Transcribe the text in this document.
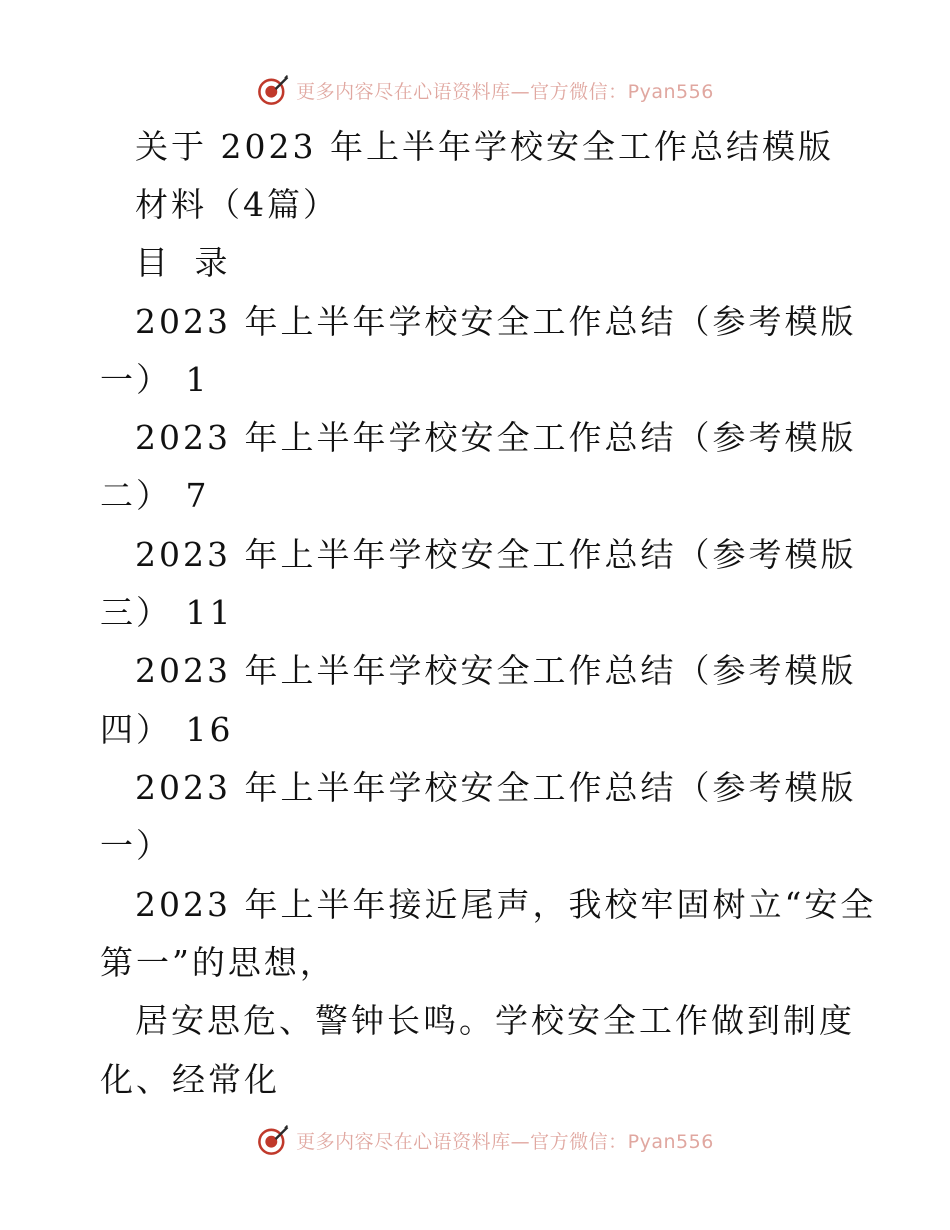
更多内容尽在心语资料库—官方微信：Pyan556
关于 2023 年上半年学校安全工作总结模版
材料（4篇）
目 录
2023 年上半年学校安全工作总结（参考模版
一） 1
2023 年上半年学校安全工作总结（参考模版
二） 7
2023 年上半年学校安全工作总结（参考模版
三） 11
2023 年上半年学校安全工作总结（参考模版
四） 16
2023 年上半年学校安全工作总结（参考模版
一）
2023 年上半年接近尾声，我校牢固树立“安全
第一”的思想，
居安思危、警钟长鸣。学校安全工作做到制度
化、经常化
更多内容尽在心语资料库—官方微信：Pyan556
